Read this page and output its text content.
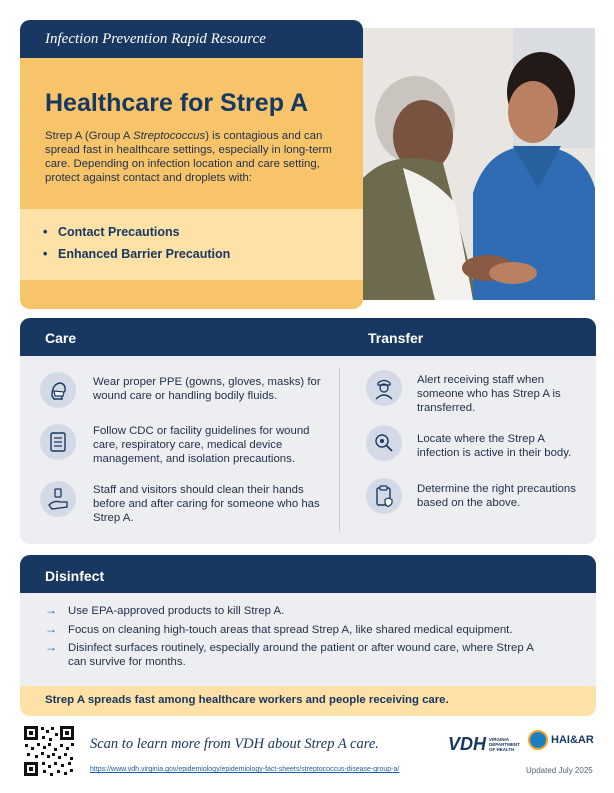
Infection Prevention Rapid Resource
Healthcare for Strep A
Strep A (Group A Streptococcus) is contagious and can spread fast in healthcare settings, especially in long-term care. Depending on infection location and care setting, protect against contact and droplets with:
• Contact Precautions
• Enhanced Barrier Precaution
Care	Transfer
Wear proper PPE (gowns, gloves, masks) for wound care or handling bodily fluids.
Follow CDC or facility guidelines for wound care, respiratory care, medical device management, and isolation precautions.
Staff and visitors should clean their hands before and after caring for someone who has Strep A.
Alert receiving staff when someone who has Strep A is transferred.
Locate where the Strep A infection is active in their body.
Determine the right precautions based on the above.
Disinfect
→ Use EPA-approved products to kill Strep A.
→ Focus on cleaning high-touch areas that spread Strep A, like shared medical equipment.
→ Disinfect surfaces routinely, especially around the patient or after wound care, where Strep A can survive for months.
Strep A spreads fast among healthcare workers and people receiving care.
Scan to learn more from VDH about Strep A care.
https://www.vdh.virginia.gov/epidemiology/epidemiology-fact-sheets/streptococcus-disease-group-a/	Updated July 2025
VDH VIRGINIA DEPARTMENT OF HEALTH
HAI&AR
